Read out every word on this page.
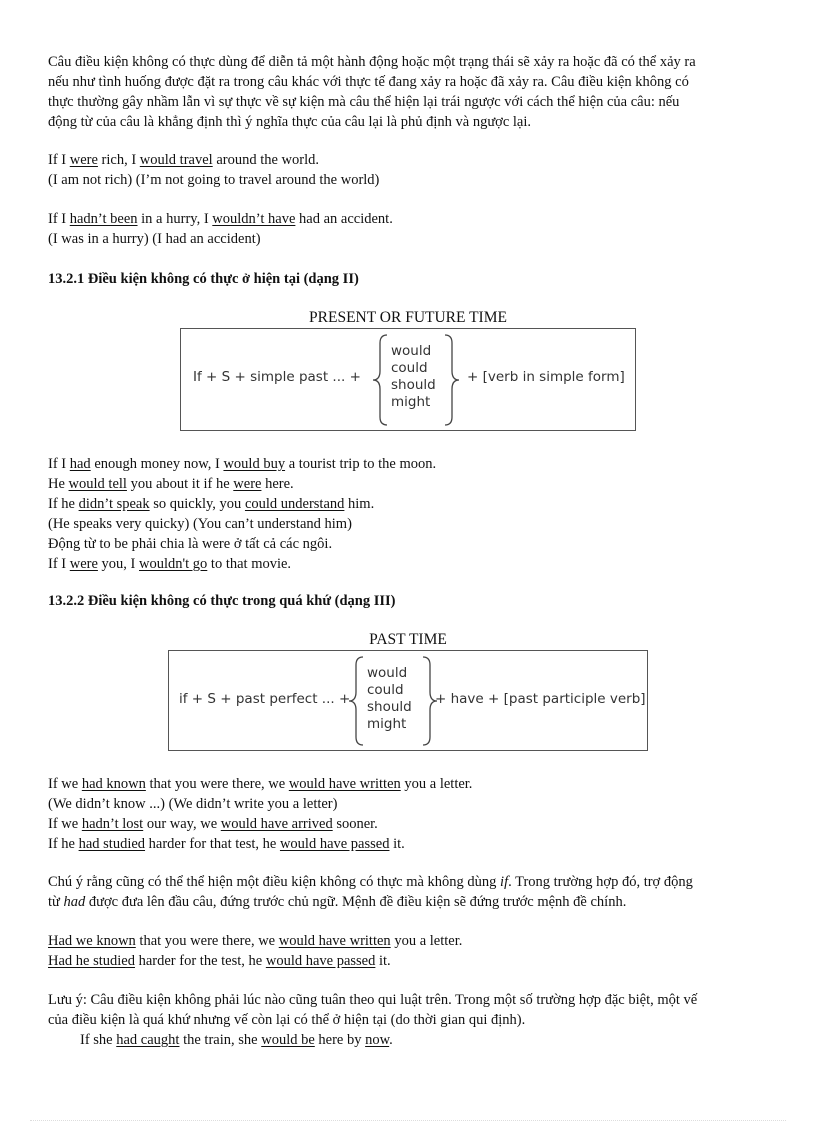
Câu điều kiện không có thực dùng để diễn tả một hành động hoặc một trạng thái sẽ xảy ra hoặc đã có thể xảy ra
nếu như tình huống được đặt ra trong câu khác với thực tế đang xảy ra hoặc đã xảy ra. Câu điều kiện không có
thực thường gây nhầm lẫn vì sự thực về sự kiện mà câu thể hiện lại trái ngược với cách thể hiện của câu: nếu
động từ của câu là khẳng định thì ý nghĩa thực của câu lại là phủ định và ngược lại.

If I were rich, I would travel around the world.
(I am not rich) (I’m not going to travel around the world)

If I hadn’t been in a hurry, I wouldn’t have had an accident.
(I was in a hurry) (I had an accident)

13.2.1 Điều kiện không có thực ở hiện tại (dạng II)
PRESENT OR FUTURE TIME
If + S + simple past ... +
would
could
should
might
+ [verb in simple form]

If I had enough money now, I would buy a tourist trip to the moon.
He would tell you about it if he were here.
If he didn’t speak so quickly, you could understand him.
(He speaks very quicky) (You can’t understand him)
Động từ to be phải chia là were ở tất cả các ngôi.
If I were you, I wouldn't go to that movie.

13.2.2 Điều kiện không có thực trong quá khứ (dạng III)
PAST TIME
if + S + past perfect ... +
would
could
should
might
+ have + [past participle verb]

If we had known that you were there, we would have written you a letter.
(We didn’t know ...) (We didn’t write you a letter)
If we hadn’t lost our way, we would have arrived sooner.
If he had studied harder for that test, he would have passed it.

Chú ý rằng cũng có thể thể hiện một điều kiện không có thực mà không dùng if. Trong trường hợp đó, trợ động
từ had được đưa lên đầu câu, đứng trước chủ ngữ. Mệnh đề điều kiện sẽ đứng trước mệnh đề chính.

Had we known that you were there, we would have written you a letter.
Had he studied harder for the test, he would have passed it.

Lưu ý: Câu điều kiện không phải lúc nào cũng tuân theo qui luật trên. Trong một số trường hợp đặc biệt, một vế
của điều kiện là quá khứ nhưng vế còn lại có thể ở hiện tại (do thời gian qui định).
If she had caught the train, she would be here by now.
